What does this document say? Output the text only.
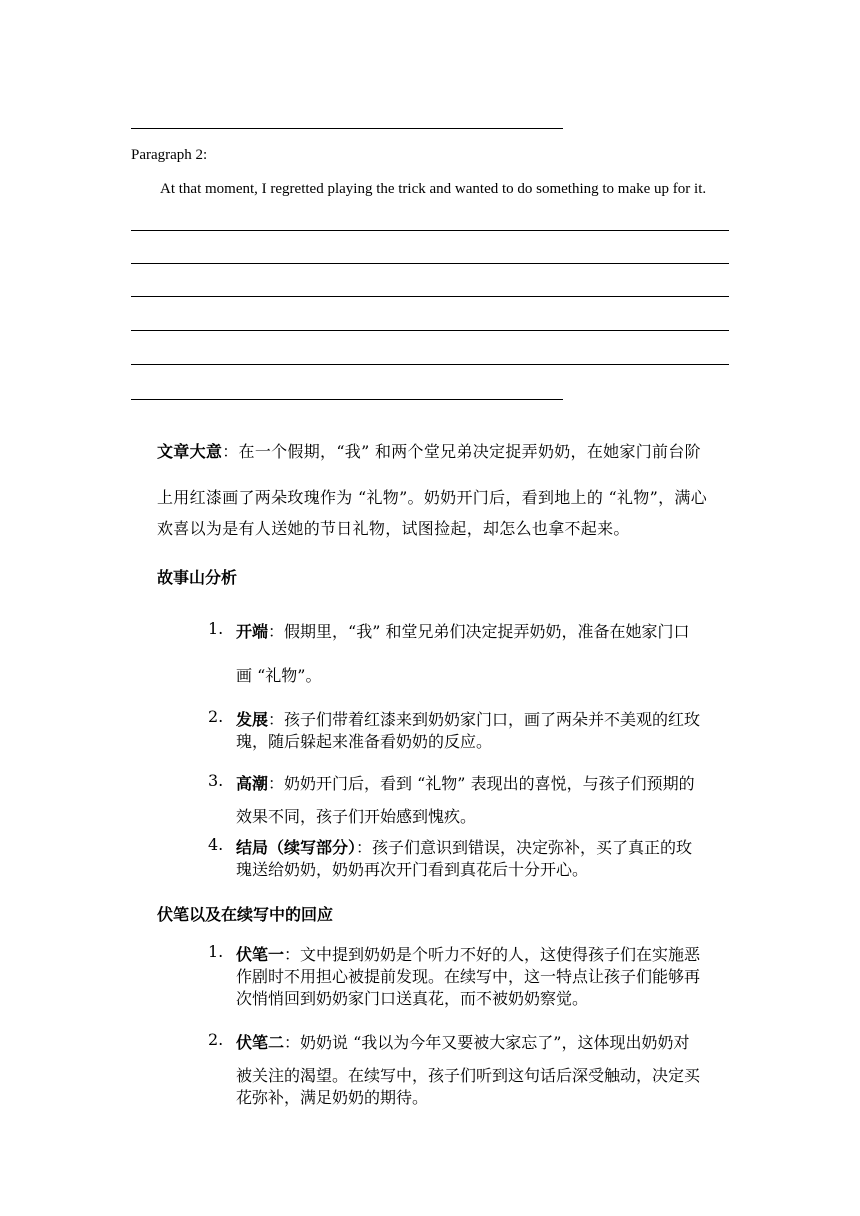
Paragraph 2:
At that moment, I regretted playing the trick and wanted to do something to make up for it.
文章大意：在一个假期，“我” 和两个堂兄弟决定捉弄奶奶，在她家门前台阶
上用红漆画了两朵玫瑰作为 “礼物”。奶奶开门后，看到地上的 “礼物”，满心
欢喜以为是有人送她的节日礼物，试图捡起，却怎么也拿不起来。
故事山分析
1. 开端：假期里，“我” 和堂兄弟们决定捉弄奶奶，准备在她家门口
画 “礼物”。
2. 发展：孩子们带着红漆来到奶奶家门口，画了两朵并不美观的红玫
瑰，随后躲起来准备看奶奶的反应。
3. 高潮：奶奶开门后，看到 “礼物” 表现出的喜悦，与孩子们预期的
效果不同，孩子们开始感到愧疚。
4. 结局（续写部分）：孩子们意识到错误，决定弥补，买了真正的玫
瑰送给奶奶，奶奶再次开门看到真花后十分开心。
伏笔以及在续写中的回应
1. 伏笔一：文中提到奶奶是个听力不好的人，这使得孩子们在实施恶
作剧时不用担心被提前发现。在续写中，这一特点让孩子们能够再
次悄悄回到奶奶家门口送真花，而不被奶奶察觉。
2. 伏笔二：奶奶说 “我以为今年又要被大家忘了”，这体现出奶奶对
被关注的渴望。在续写中，孩子们听到这句话后深受触动，决定买
花弥补，满足奶奶的期待。
